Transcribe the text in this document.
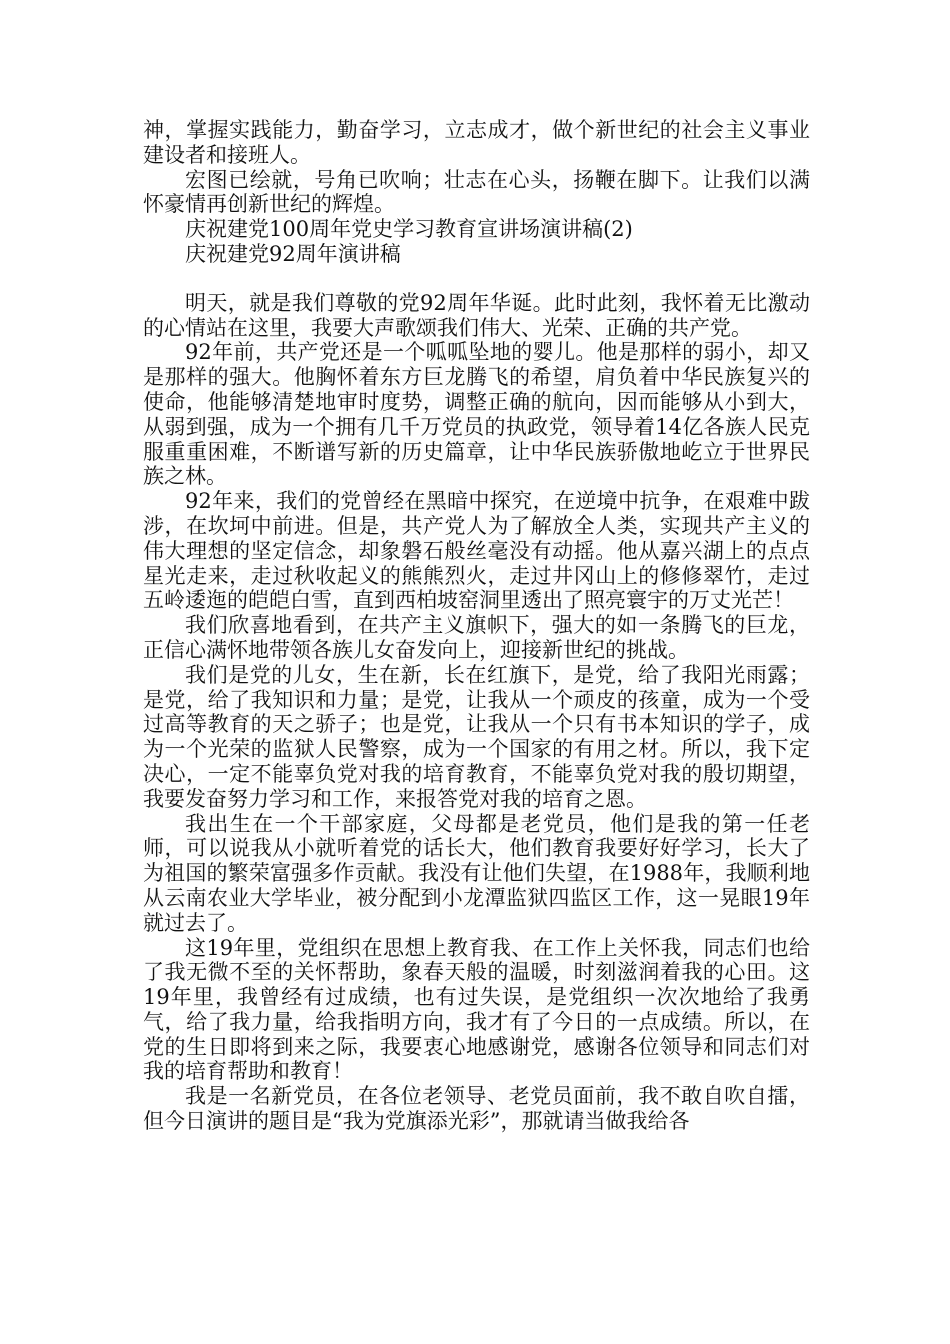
神，掌握实践能力，勤奋学习，立志成才，做个新世纪的社会主义事业建设者和接班人。

宏图已绘就，号角已吹响；壮志在心头，扬鞭在脚下。让我们以满怀豪情再创新世纪的辉煌。

庆祝建党100周年党史学习教育宣讲场演讲稿(2)

庆祝建党92周年演讲稿

明天，就是我们尊敬的党92周年华诞。此时此刻，我怀着无比激动的心情站在这里，我要大声歌颂我们伟大、光荣、正确的共产党。

92年前，共产党还是一个呱呱坠地的婴儿。他是那样的弱小，却又是那样的强大。他胸怀着东方巨龙腾飞的希望，肩负着中华民族复兴的使命，他能够清楚地审时度势，调整正确的航向，因而能够从小到大，从弱到强，成为一个拥有几千万党员的执政党，领导着14亿各族人民克服重重困难，不断谱写新的历史篇章，让中华民族骄傲地屹立于世界民族之林。

92年来，我们的党曾经在黑暗中探究，在逆境中抗争，在艰难中跋涉，在坎坷中前进。但是，共产党人为了解放全人类，实现共产主义的伟大理想的坚定信念，却象磐石般丝毫没有动摇。他从嘉兴湖上的点点星光走来，走过秋收起义的熊熊烈火，走过井冈山上的修修翠竹，走过五岭逶迤的皑皑白雪，直到西柏坡窑洞里透出了照亮寰宇的万丈光芒！

我们欣喜地看到，在共产主义旗帜下，强大的如一条腾飞的巨龙，正信心满怀地带领各族儿女奋发向上，迎接新世纪的挑战。

我们是党的儿女，生在新，长在红旗下，是党，给了我阳光雨露；是党，给了我知识和力量；是党，让我从一个顽皮的孩童，成为一个受过高等教育的天之骄子；也是党，让我从一个只有书本知识的学子，成为一个光荣的监狱人民警察，成为一个国家的有用之材。所以，我下定决心，一定不能辜负党对我的培育教育，不能辜负党对我的殷切期望，我要发奋努力学习和工作，来报答党对我的培育之恩。

我出生在一个干部家庭，父母都是老党员，他们是我的第一任老师，可以说我从小就听着党的话长大，他们教育我要好好学习，长大了为祖国的繁荣富强多作贡献。我没有让他们失望，在1988年，我顺利地从云南农业大学毕业，被分配到小龙潭监狱四监区工作，这一晃眼19年就过去了。

这19年里，党组织在思想上教育我、在工作上关怀我，同志们也给了我无微不至的关怀帮助，象春天般的温暖，时刻滋润着我的心田。这19年里，我曾经有过成绩，也有过失误，是党组织一次次地给了我勇气，给了我力量，给我指明方向，我才有了今日的一点成绩。所以，在党的生日即将到来之际，我要衷心地感谢党，感谢各位领导和同志们对我的培育帮助和教育！

我是一名新党员，在各位老领导、老党员面前，我不敢自吹自擂，但今日演讲的题目是“我为党旗添光彩”，那就请当做我给各
